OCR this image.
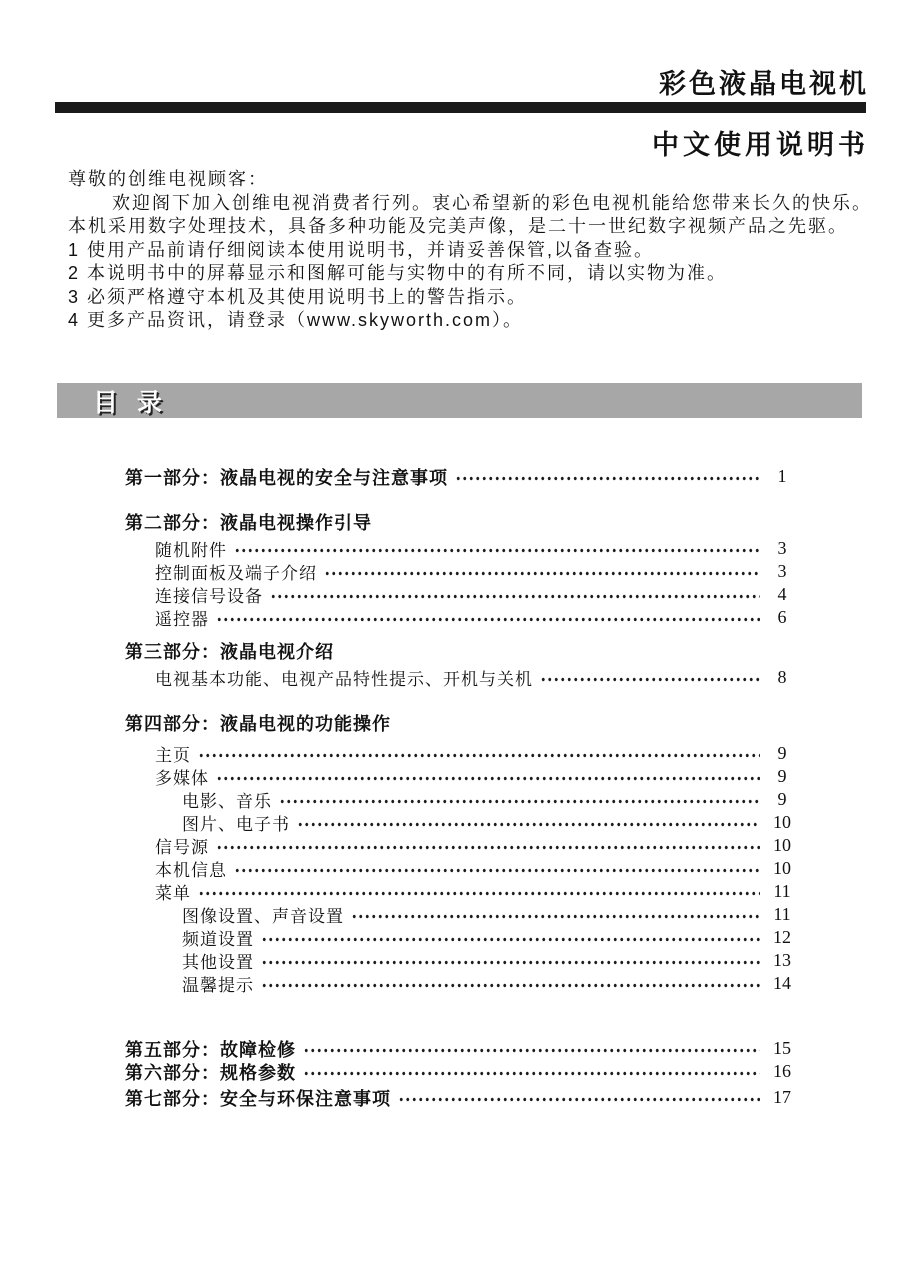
彩色液晶电视机
中文使用说明书
尊敬的创维电视顾客：
欢迎阁下加入创维电视消费者行列。衷心希望新的彩色电视机能给您带来长久的快乐。
本机采用数字处理技术，具备多种功能及完美声像，是二十一世纪数字视频产品之先驱。
1 使用产品前请仔细阅读本使用说明书，并请妥善保管,以备查验。
2 本说明书中的屏幕显示和图解可能与实物中的有所不同，请以实物为准。
3 必须严格遵守本机及其使用说明书上的警告指示。
4 更多产品资讯，请登录（www.skyworth.com）。
目 录
第一部分：液晶电视的安全与注意事项	1
第二部分：液晶电视操作引导
随机附件	3
控制面板及端子介绍	3
连接信号设备	4
遥控器	6
第三部分：液晶电视介绍
电视基本功能、电视产品特性提示、开机与关机	8
第四部分：液晶电视的功能操作
主页	9
多媒体	9
电影、音乐	9
图片、电子书	10
信号源	10
本机信息	10
菜单	11
图像设置、声音设置	11
频道设置	12
其他设置	13
温馨提示	14
第五部分：故障检修	15
第六部分：规格参数	16
第七部分：安全与环保注意事项	17
